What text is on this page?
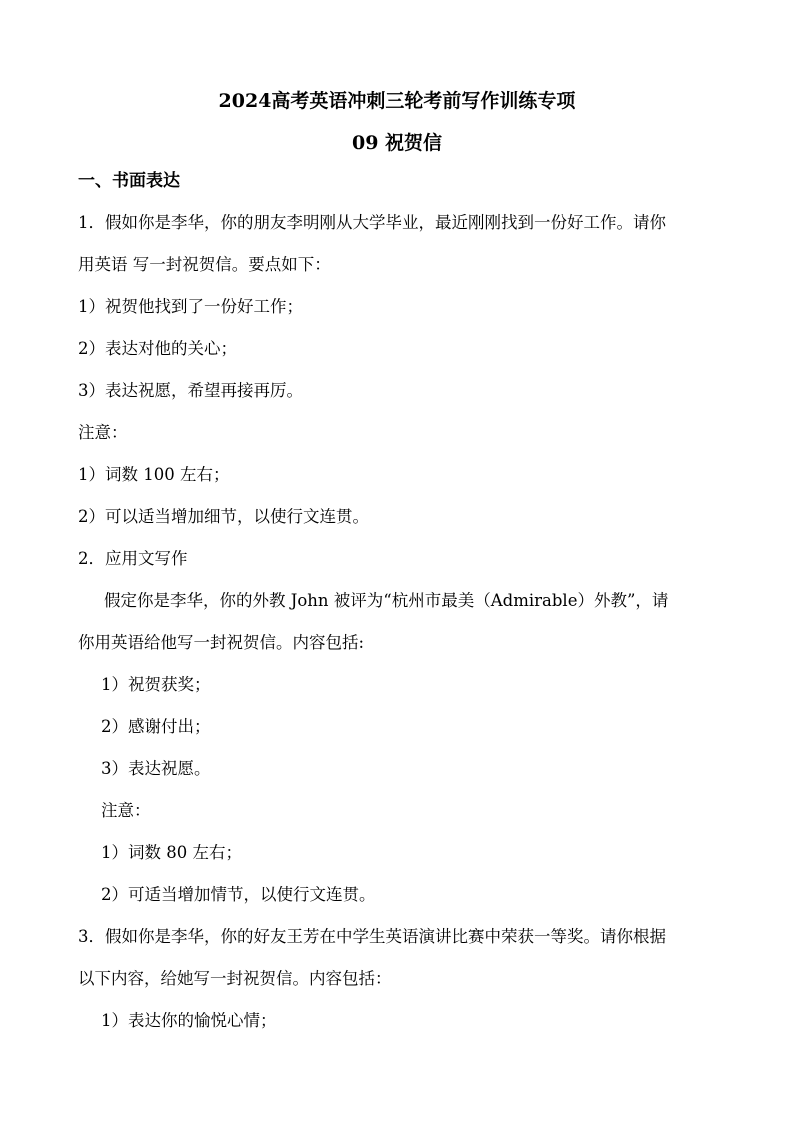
2024高考英语冲刺三轮考前写作训练专项
09 祝贺信
一、书面表达
1．假如你是李华，你的朋友李明刚从大学毕业，最近刚刚找到一份好工作。请你
用英语 写一封祝贺信。要点如下：
1）祝贺他找到了一份好工作；
2）表达对他的关心；
3）表达祝愿，希望再接再厉。
注意：
1）词数 100 左右；
2）可以适当增加细节，以使行文连贯。
2．应用文写作
假定你是李华，你的外教 John 被评为“杭州市最美（Admirable）外教”，请
你用英语给他写一封祝贺信。内容包括:
1）祝贺获奖；
2）感谢付出；
3）表达祝愿。
注意：
1）词数 80 左右；
2）可适当增加情节，以使行文连贯。
3．假如你是李华，你的好友王芳在中学生英语演讲比赛中荣获一等奖。请你根据
以下内容，给她写一封祝贺信。内容包括：
1）表达你的愉悦心情；
